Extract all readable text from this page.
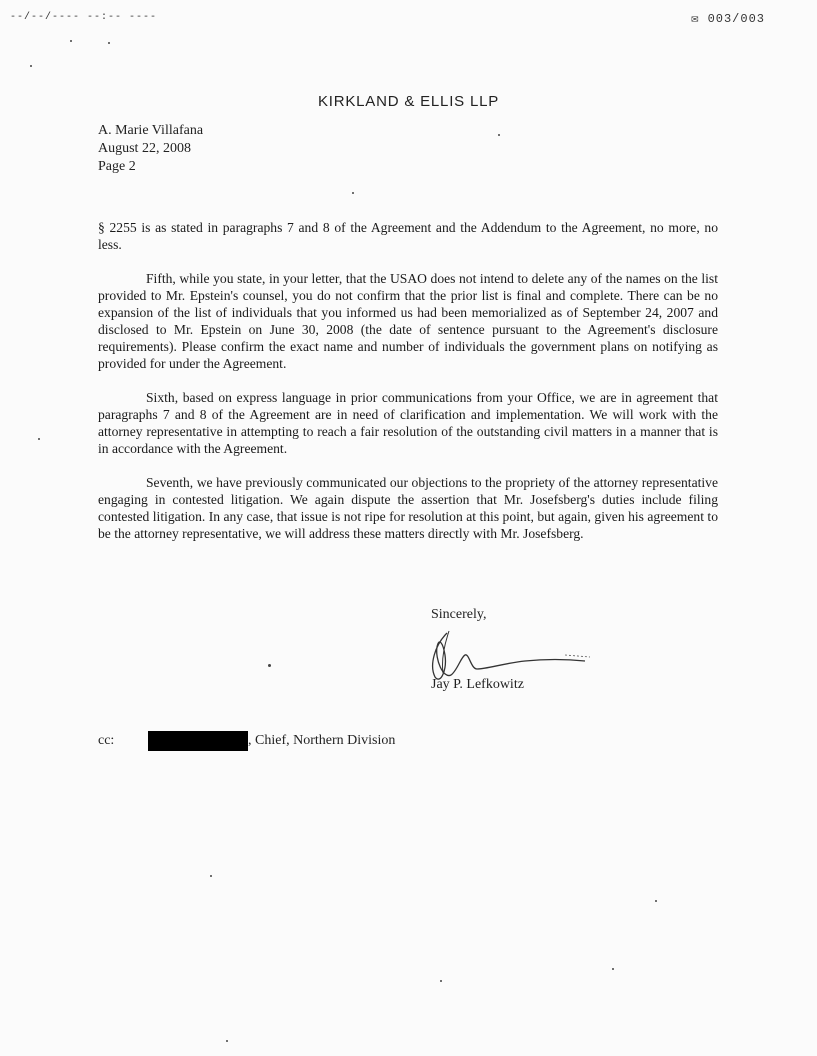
--/--/---- --:-- ----	✉ 003/003
KIRKLAND & ELLIS LLP
A. Marie Villafana
August 22, 2008
Page 2

§ 2255 is as stated in paragraphs 7 and 8 of the Agreement and the Addendum to the Agreement, no more, no less.

Fifth, while you state, in your letter, that the USAO does not intend to delete any of the names on the list provided to Mr. Epstein's counsel, you do not confirm that the prior list is final and complete. There can be no expansion of the list of individuals that you informed us had been memorialized as of September 24, 2007 and disclosed to Mr. Epstein on June 30, 2008 (the date of sentence pursuant to the Agreement's disclosure requirements). Please confirm the exact name and number of individuals the government plans on notifying as provided for under the Agreement.

Sixth, based on express language in prior communications from your Office, we are in agreement that paragraphs 7 and 8 of the Agreement are in need of clarification and implementation. We will work with the attorney representative in attempting to reach a fair resolution of the outstanding civil matters in a manner that is in accordance with the Agreement.

Seventh, we have previously communicated our objections to the propriety of the attorney representative engaging in contested litigation. We again dispute the assertion that Mr. Josefsberg's duties include filing contested litigation. In any case, that issue is not ripe for resolution at this point, but again, given his agreement to be the attorney representative, we will address these matters directly with Mr. Josefsberg.

Sincerely,
Jay P. Lefkowitz
cc:	, Chief, Northern Division
